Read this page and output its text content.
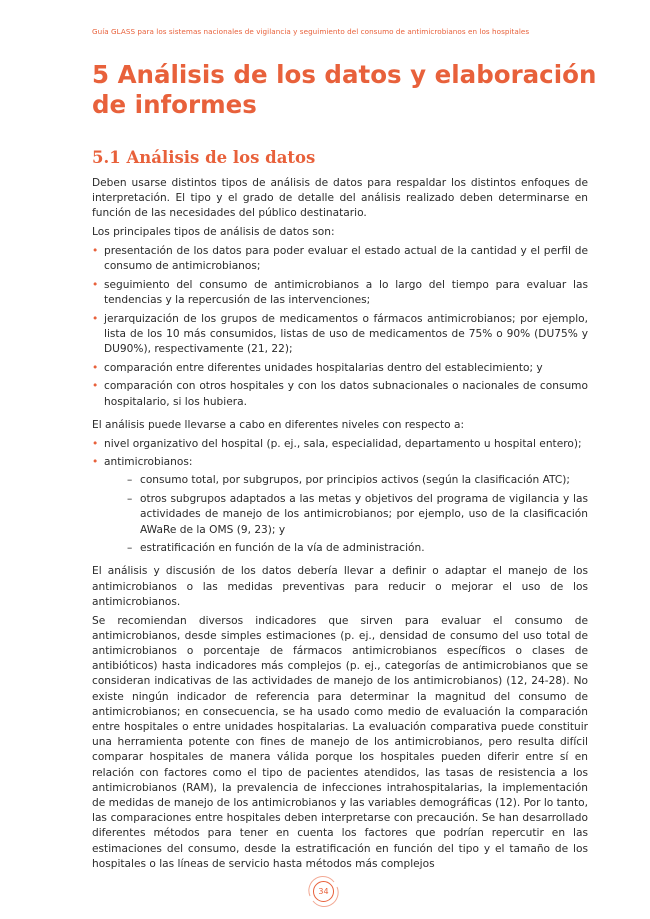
Guía GLASS para los sistemas nacionales de vigilancia y seguimiento del consumo de antimicrobianos en los hospitales
5 Análisis de los datos y elaboración de informes
5.1 Análisis de los datos

Deben usarse distintos tipos de análisis de datos para respaldar los distintos enfoques de interpretación. El tipo y el grado de detalle del análisis realizado deben determinarse en función de las necesidades del público destinatario.

Los principales tipos de análisis de datos son:

• presentación de los datos para poder evaluar el estado actual de la cantidad y el perfil de consumo de antimicrobianos;
• seguimiento del consumo de antimicrobianos a lo largo del tiempo para evaluar las tendencias y la repercusión de las intervenciones;
• jerarquización de los grupos de medicamentos o fármacos antimicrobianos; por ejemplo, lista de los 10 más consumidos, listas de uso de medicamentos de 75% o 90% (DU75% y DU90%), respectivamente (21, 22);
• comparación entre diferentes unidades hospitalarias dentro del establecimiento; y
• comparación con otros hospitales y con los datos subnacionales o nacionales de consumo hospitalario, si los hubiera.

El análisis puede llevarse a cabo en diferentes niveles con respecto a:

• nivel organizativo del hospital (p. ej., sala, especialidad, departamento u hospital entero);
• antimicrobianos:
– consumo total, por subgrupos, por principios activos (según la clasificación ATC);
– otros subgrupos adaptados a las metas y objetivos del programa de vigilancia y las actividades de manejo de los antimicrobianos; por ejemplo, uso de la clasificación AWaRe de la OMS (9, 23); y
– estratificación en función de la vía de administración.

El análisis y discusión de los datos debería llevar a definir o adaptar el manejo de los antimicrobianos o las medidas preventivas para reducir o mejorar el uso de los antimicrobianos.

Se recomiendan diversos indicadores que sirven para evaluar el consumo de antimicrobianos, desde simples estimaciones (p. ej., densidad de consumo del uso total de antimicrobianos o porcentaje de fármacos antimicrobianos específicos o clases de antibióticos) hasta indicadores más complejos (p. ej., categorías de antimicrobianos que se consideran indicativas de las actividades de manejo de los antimicrobianos) (12, 24-28). No existe ningún indicador de referencia para determinar la magnitud del consumo de antimicrobianos; en consecuencia, se ha usado como medio de evaluación la comparación entre hospitales o entre unidades hospitalarias. La evaluación comparativa puede constituir una herramienta potente con fines de manejo de los antimicrobianos, pero resulta difícil comparar hospitales de manera válida porque los hospitales pueden diferir entre sí en relación con factores como el tipo de pacientes atendidos, las tasas de resistencia a los antimicrobianos (RAM), la prevalencia de infecciones intrahospitalarias, la implementación de medidas de manejo de los antimicrobianos y las variables demográficas (12). Por lo tanto, las comparaciones entre hospitales deben interpretarse con precaución. Se han desarrollado diferentes métodos para tener en cuenta los factores que podrían repercutir en las estimaciones del consumo, desde la estratificación en función del tipo y el tamaño de los hospitales o las líneas de servicio hasta métodos más complejos

34
